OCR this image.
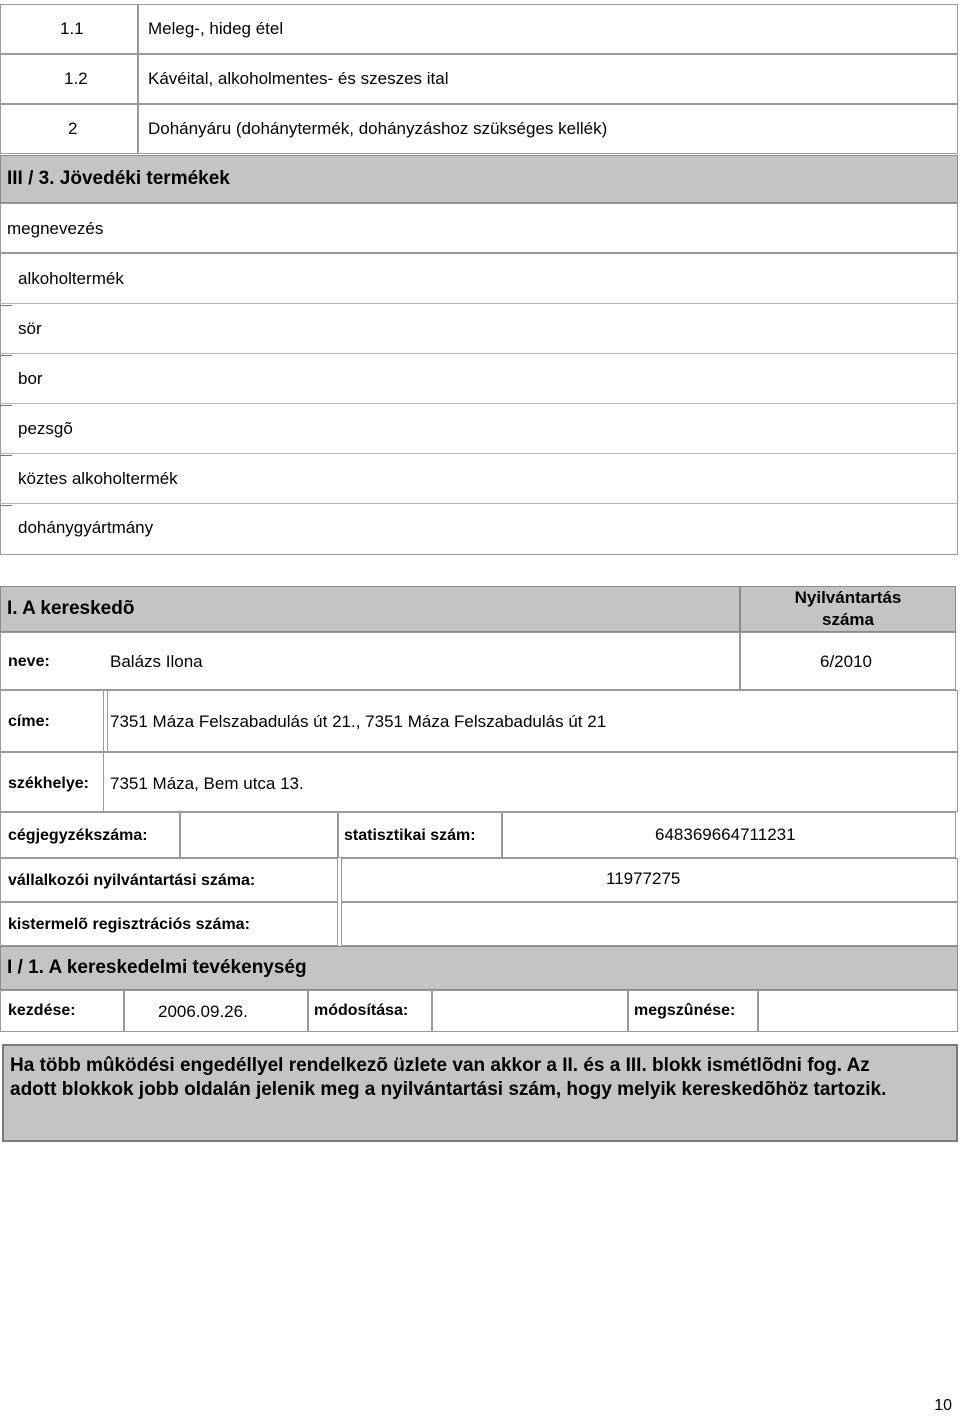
1.1	Meleg-, hideg étel
1.2	Kávéital, alkoholmentes- és szeszes ital
2	Dohányáru (dohánytermék, dohányzáshoz szükséges kellék)
III / 3. Jövedéki termékek
megnevezés
alkoholtermék
sör
bor
pezsgõ
köztes alkoholtermék
dohánygyártmány
I. A kereskedõ
Nyilvántartás
száma
neve:	Balázs Ilona	6/2010
címe:	7351 Máza Felszabadulás út 21., 7351 Máza Felszabadulás út 21
székhelye: 7351 Máza, Bem utca 13.
cégjegyzékszáma:	statisztikai szám:	648369664711231
vállalkozói nyilvántartási száma:	11977275
kistermelõ regisztrációs száma:
I / 1. A kereskedelmi tevékenység
kezdése:	2006.09.26.	módosítása:	megszûnése:
Ha több mûködési engedéllyel rendelkezõ üzlete van akkor a II. és a III. blokk ismétlõdni fog. Az adott blokkok jobb oldalán jelenik meg a nyilvántartási szám, hogy melyik kereskedõhöz tartozik.
10
